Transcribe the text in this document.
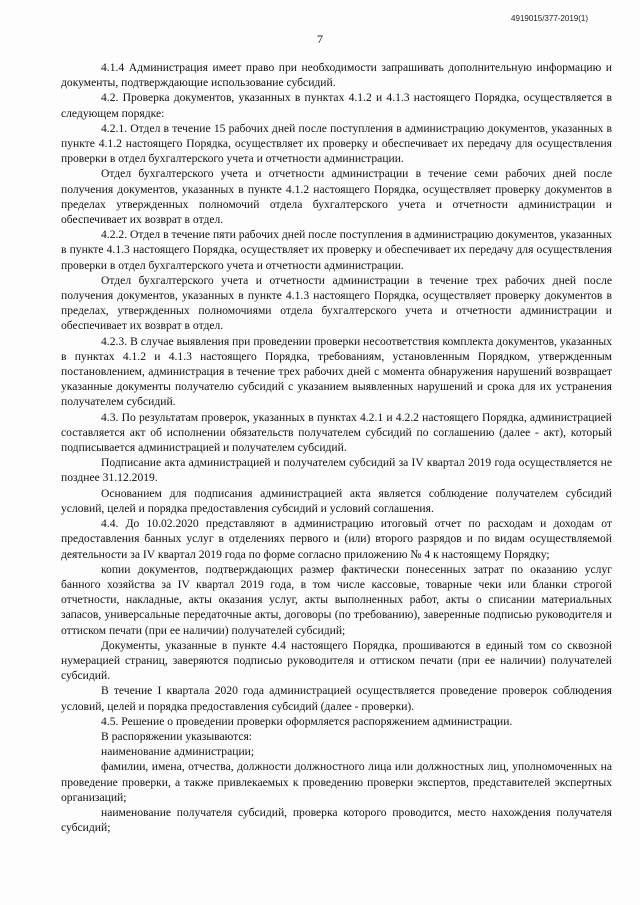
4919015/377-2019(1)
7

4.1.4 Администрация имеет право при необходимости запрашивать дополнительную информацию и документы, подтверждающие использование субсидий.

4.2. Проверка документов, указанных в пунктах 4.1.2 и 4.1.3 настоящего Порядка, осуществляется в следующем порядке:

4.2.1. Отдел в течение 15 рабочих дней после поступления в администрацию документов, указанных в пункте 4.1.2 настоящего Порядка, осуществляет их проверку и обеспечивает их передачу для осуществления проверки в отдел бухгалтерского учета и отчетности администрации.

Отдел бухгалтерского учета и отчетности администрации в течение семи рабочих дней после получения документов, указанных в пункте 4.1.2 настоящего Порядка, осуществляет проверку документов в пределах утвержденных полномочий отдела бухгалтерского учета и отчетности администрации и обеспечивает их возврат в отдел.

4.2.2. Отдел в течение пяти рабочих дней после поступления в администрацию документов, указанных в пункте 4.1.3 настоящего Порядка, осуществляет их проверку и обеспечивает их передачу для осуществления проверки в отдел бухгалтерского учета и отчетности администрации.

Отдел бухгалтерского учета и отчетности администрации в течение трех рабочих дней после получения документов, указанных в пункте 4.1.3 настоящего Порядка, осуществляет проверку документов в пределах, утвержденных полномочиями отдела бухгалтерского учета и отчетности администрации и обеспечивает их возврат в отдел.

4.2.3. В случае выявления при проведении проверки несоответствия комплекта документов, указанных в пунктах 4.1.2 и 4.1.3 настоящего Порядка, требованиям, установленным Порядком, утвержденным постановлением, администрация в течение трех рабочих дней с момента обнаружения нарушений возвращает указанные документы получателю субсидий с указанием выявленных нарушений и срока для их устранения получателем субсидий.

4.3. По результатам проверок, указанных в пунктах 4.2.1 и 4.2.2 настоящего Порядка, администрацией составляется акт об исполнении обязательств получателем субсидий по соглашению (далее - акт), который подписывается администрацией и получателем субсидий.

Подписание акта администрацией и получателем субсидий за IV квартал 2019 года осуществляется не позднее 31.12.2019.

Основанием для подписания администрацией акта является соблюдение получателем субсидий условий, целей и порядка предоставления субсидий и условий соглашения.

4.4. До 10.02.2020 представляют в администрацию итоговый отчет по расходам и доходам от предоставления банных услуг в отделениях первого и (или) второго разрядов и по видам осуществляемой деятельности за IV квартал 2019 года по форме согласно приложению № 4 к настоящему Порядку;

копии документов, подтверждающих размер фактически понесенных затрат по оказанию услуг банного хозяйства за IV квартал 2019 года, в том числе кассовые, товарные чеки или бланки строгой отчетности, накладные, акты оказания услуг, акты выполненных работ, акты о списании материальных запасов, универсальные передаточные акты, договоры (по требованию), заверенные подписью руководителя и оттиском печати (при ее наличии) получателей субсидий;

Документы, указанные в пункте 4.4 настоящего Порядка, прошиваются в единый том со сквозной нумерацией страниц, заверяются подписью руководителя и оттиском печати (при ее наличии) получателей субсидий.

В течение I квартала 2020 года администрацией осуществляется проведение проверок соблюдения условий, целей и порядка предоставления субсидий (далее - проверки).

4.5. Решение о проведении проверки оформляется распоряжением администрации.

В распоряжении указываются:

наименование администрации;

фамилии, имена, отчества, должности должностного лица или должностных лиц, уполномоченных на проведение проверки, а также привлекаемых к проведению проверки экспертов, представителей экспертных организаций;

наименование получателя субсидий, проверка которого проводится, место нахождения получателя субсидий;
